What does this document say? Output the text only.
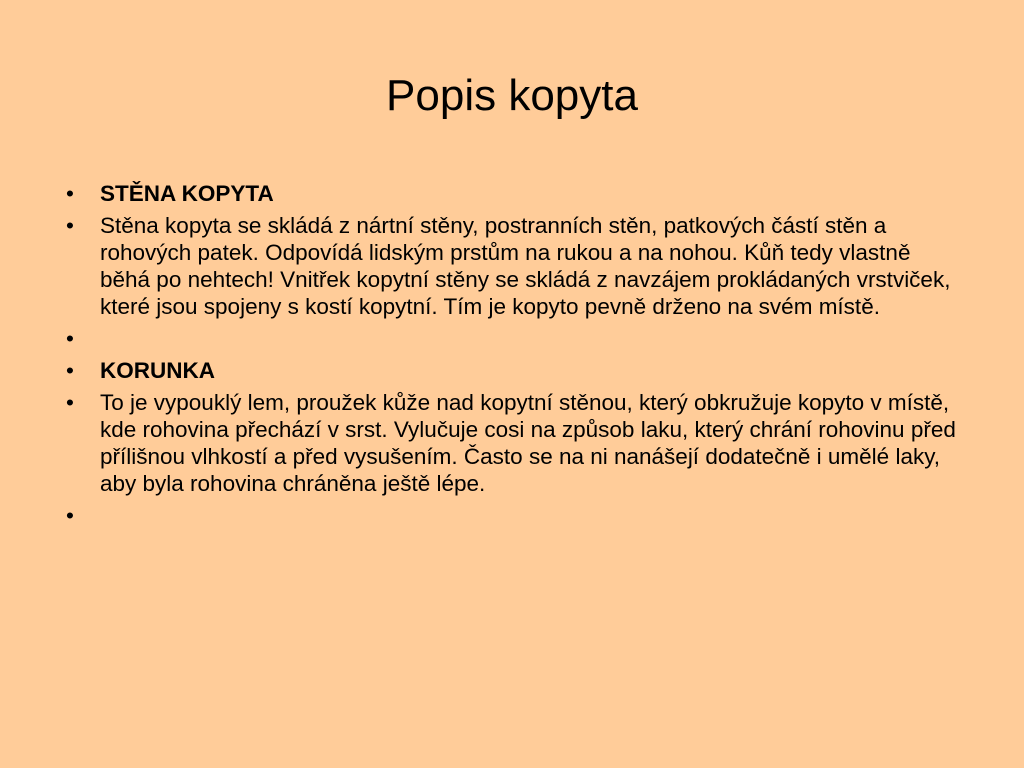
Popis kopyta
• STĚNA KOPYTA
• Stěna kopyta se skládá z nártní stěny, postranních stěn, patkových částí stěn a rohových patek. Odpovídá lidským prstům na rukou a na nohou. Kůň tedy vlastně běhá po nehtech! Vnitřek kopytní stěny se skládá z navzájem prokládaných vrstviček, které jsou spojeny s kostí kopytní. Tím je kopyto pevně drženo na svém místě.
•
• KORUNKA
• To je vypouklý lem, proužek kůže nad kopytní stěnou, který obkružuje kopyto v místě, kde rohovina přechází v srst. Vylučuje cosi na způsob laku, který chrání rohovinu před přílišnou vlhkostí a před vysušením. Často se na ni nanášejí dodatečně i umělé laky, aby byla rohovina chráněna ještě lépe.
•
